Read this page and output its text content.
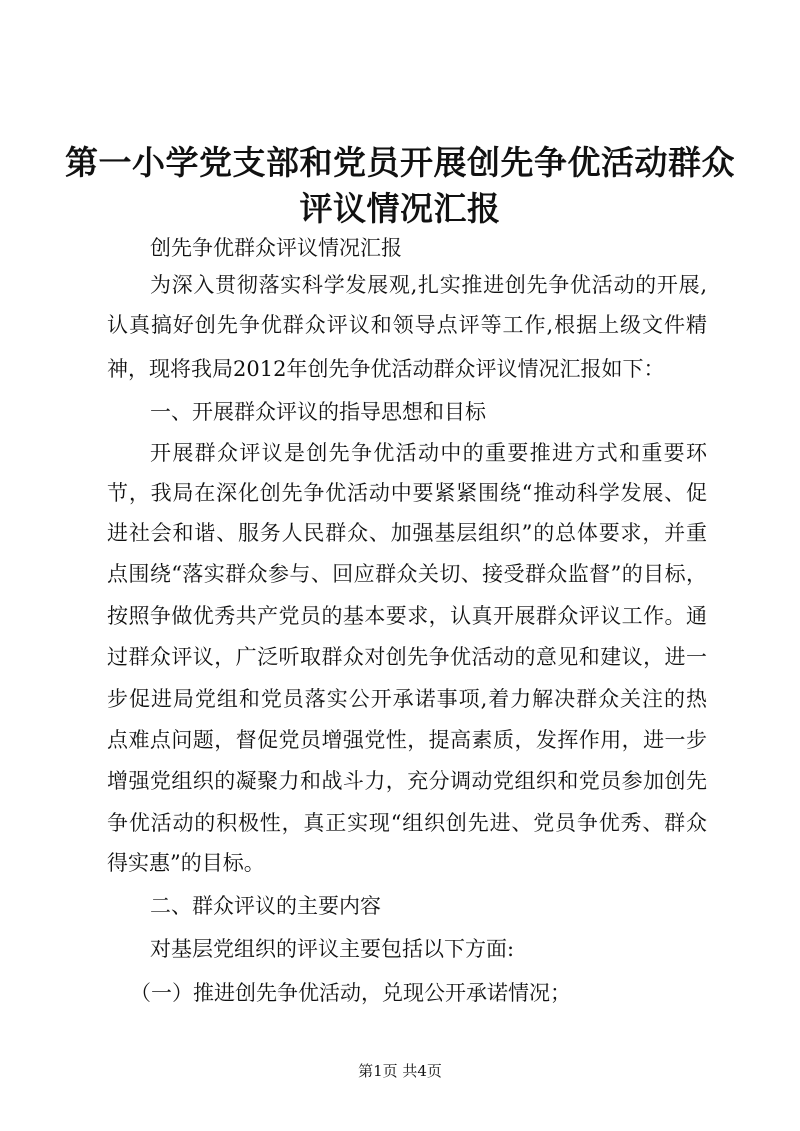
第一小学党支部和党员开展创先争优活动群众
评议情况汇报
创先争优群众评议情况汇报
为深入贯彻落实科学发展观,扎实推进创先争优活动的开展,
认真搞好创先争优群众评议和领导点评等工作,根据上级文件精
神，现将我局2012年创先争优活动群众评议情况汇报如下：
一、开展群众评议的指导思想和目标
开展群众评议是创先争优活动中的重要推进方式和重要环
节，我局在深化创先争优活动中要紧紧围绕“推动科学发展、促
进社会和谐、服务人民群众、加强基层组织”的总体要求，并重
点围绕“落实群众参与、回应群众关切、接受群众监督”的目标，
按照争做优秀共产党员的基本要求，认真开展群众评议工作。通
过群众评议，广泛听取群众对创先争优活动的意见和建议，进一
步促进局党组和党员落实公开承诺事项,着力解决群众关注的热
点难点问题，督促党员增强党性，提高素质，发挥作用，进一步
增强党组织的凝聚力和战斗力，充分调动党组织和党员参加创先
争优活动的积极性，真正实现“组织创先进、党员争优秀、群众
得实惠”的目标。
二、群众评议的主要内容
对基层党组织的评议主要包括以下方面:
（一）推进创先争优活动，兑现公开承诺情况；
第1页 共4页
